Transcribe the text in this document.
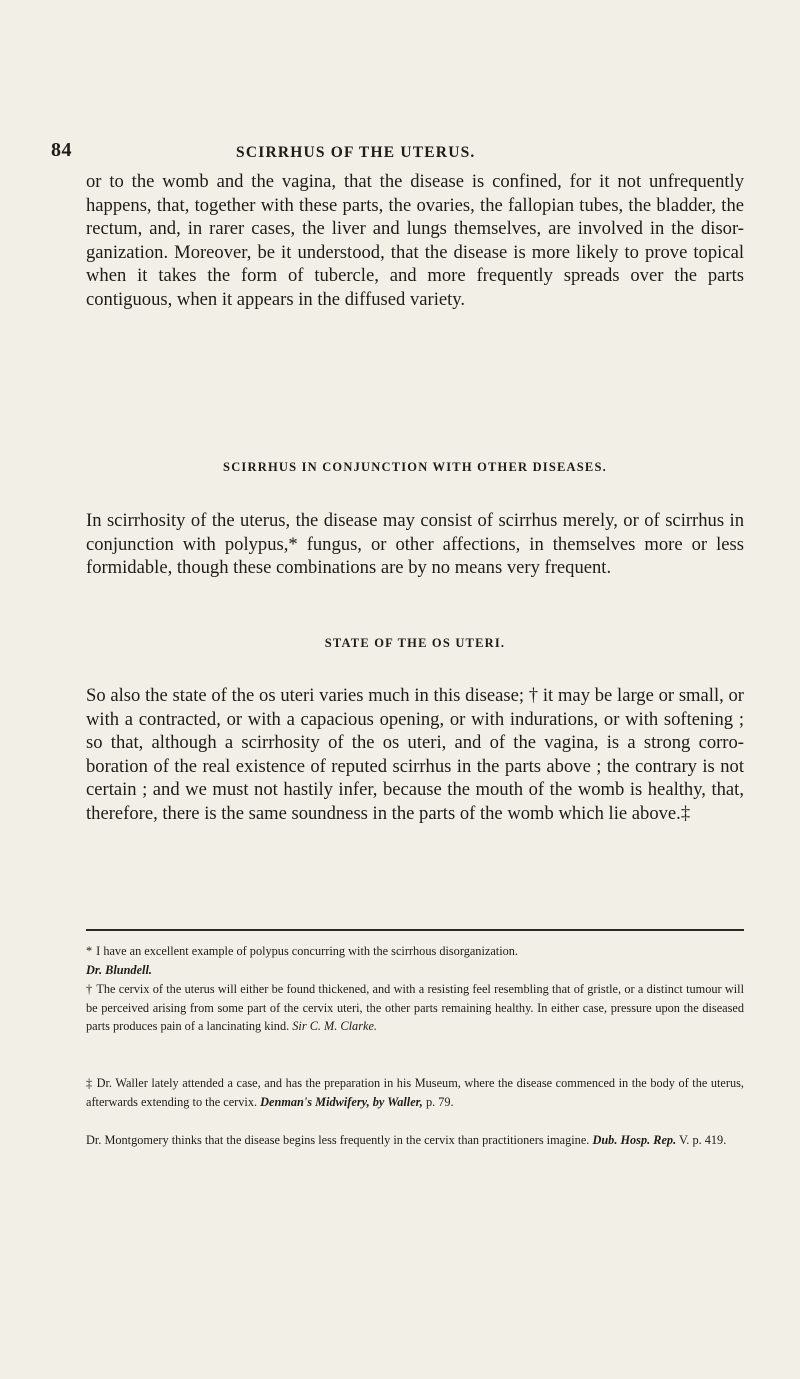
84	SCIRRHUS OF THE UTERUS.

or to the womb and the vagina, that the disease is confined, for it not unfrequently happens, that, together with these parts, the ovaries, the fallopian tubes, the bladder, the rectum, and, in rarer cases, the liver and lungs themselves, are involved in the disor-ganization. Moreover, be it understood, that the disease is more likely to prove topical when it takes the form of tubercle, and more frequently spreads over the parts contiguous, when it appears in the diffused variety.

SCIRRHUS IN CONJUNCTION WITH OTHER DISEASES.

In scirrhosity of the uterus, the disease may consist of scirrhus merely, or of scirrhus in conjunction with polypus,* fungus, or other affections, in themselves more or less formidable, though these combinations are by no means very frequent.

STATE OF THE OS UTERI.

So also the state of the os uteri varies much in this disease; † it may be large or small, or with a contracted, or with a capacious opening, or with indurations, or with softening ; so that, although a scirrhosity of the os uteri, and of the vagina, is a strong corro-boration of the real existence of reputed scirrhus in the parts above ; the contrary is not certain ; and we must not hastily infer, because the mouth of the womb is healthy, that, therefore, there is the same soundness in the parts of the womb which lie above.‡

* I have an excellent example of polypus concurring with the scirrhous disorganization.
Dr. Blundell.

† The cervix of the uterus will either be found thickened, and with a resisting feel resembling that of gristle, or a distinct tumour will be perceived arising from some part of the cervix uteri, the other parts remaining healthy. In either case, pressure upon the diseased parts produces pain of a lancinating kind. Sir C. M. Clarke.

‡ Dr. Waller lately attended a case, and has the preparation in his Museum, where the disease commenced in the body of the uterus, afterwards extending to the cervix. Denman's Midwifery, by Waller, p. 79.

Dr. Montgomery thinks that the disease begins less frequently in the cervix than practitioners imagine. Dub. Hosp. Rep. V. p. 419.
